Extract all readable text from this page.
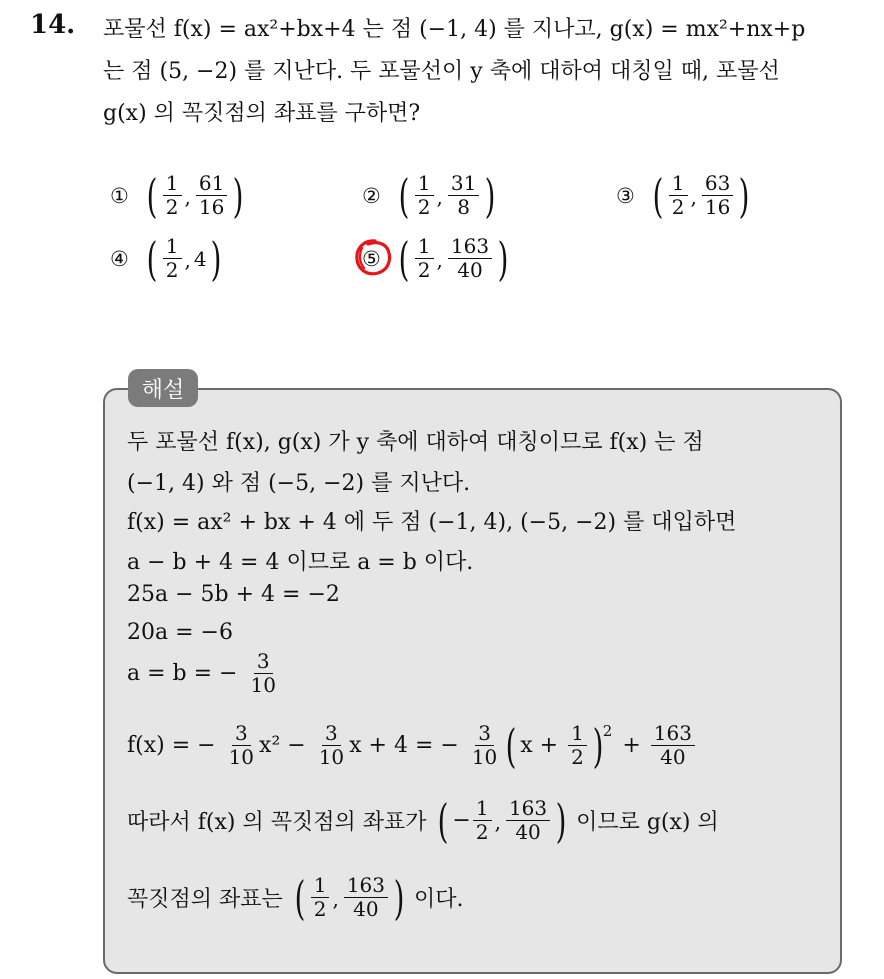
14. 포물선 f(x) = ax²+bx+4 는 점 (−1, 4) 를 지나고, g(x) = mx²+nx+p
는 점 (5, −2) 를 지난다. 두 포물선이 y 축에 대하여 대칭일 때, 포물선
g(x) 의 꼭짓점의 좌표를 구하면?
① ( $\frac{1}{2}$ , $\frac{61}{16}$ )	② ( $\frac{1}{2}$ , $\frac{31}{8}$ )	③ ( $\frac{1}{2}$ , $\frac{63}{16}$ )
④ ( $\frac{1}{2}$ , 4 )	⑤ ( $\frac{1}{2}$ , $\frac{163}{40}$ )
해설
두 포물선 f(x), g(x) 가 y 축에 대하여 대칭이므로 f(x) 는 점
(−1, 4) 와 점 (−5, −2) 를 지난다.
f(x) = ax² + bx + 4 에 두 점 (−1, 4), (−5, −2) 를 대입하면
a − b + 4 = 4 이므로 a = b 이다.
25a − 5b + 4 = −2
20a = −6
a = b = − $\frac{3}{10}$
f(x) = − $\frac{3}{10} x^2 - \frac{3}{10}$ x + 4 = − $\frac{3}{10}$ ( $x + \frac{1}{2}$ ) 2
+ $\frac{163}{40}$
따라서 f(x) 의 꼭짓점의 좌표가 ( − $\frac{1}{2}$ , $\frac{163}{40}$ ) 이므로 g(x) 의
꼭짓점의 좌표는 ( $\frac{1}{2}$ , $\frac{163}{40}$ ) 이다.
